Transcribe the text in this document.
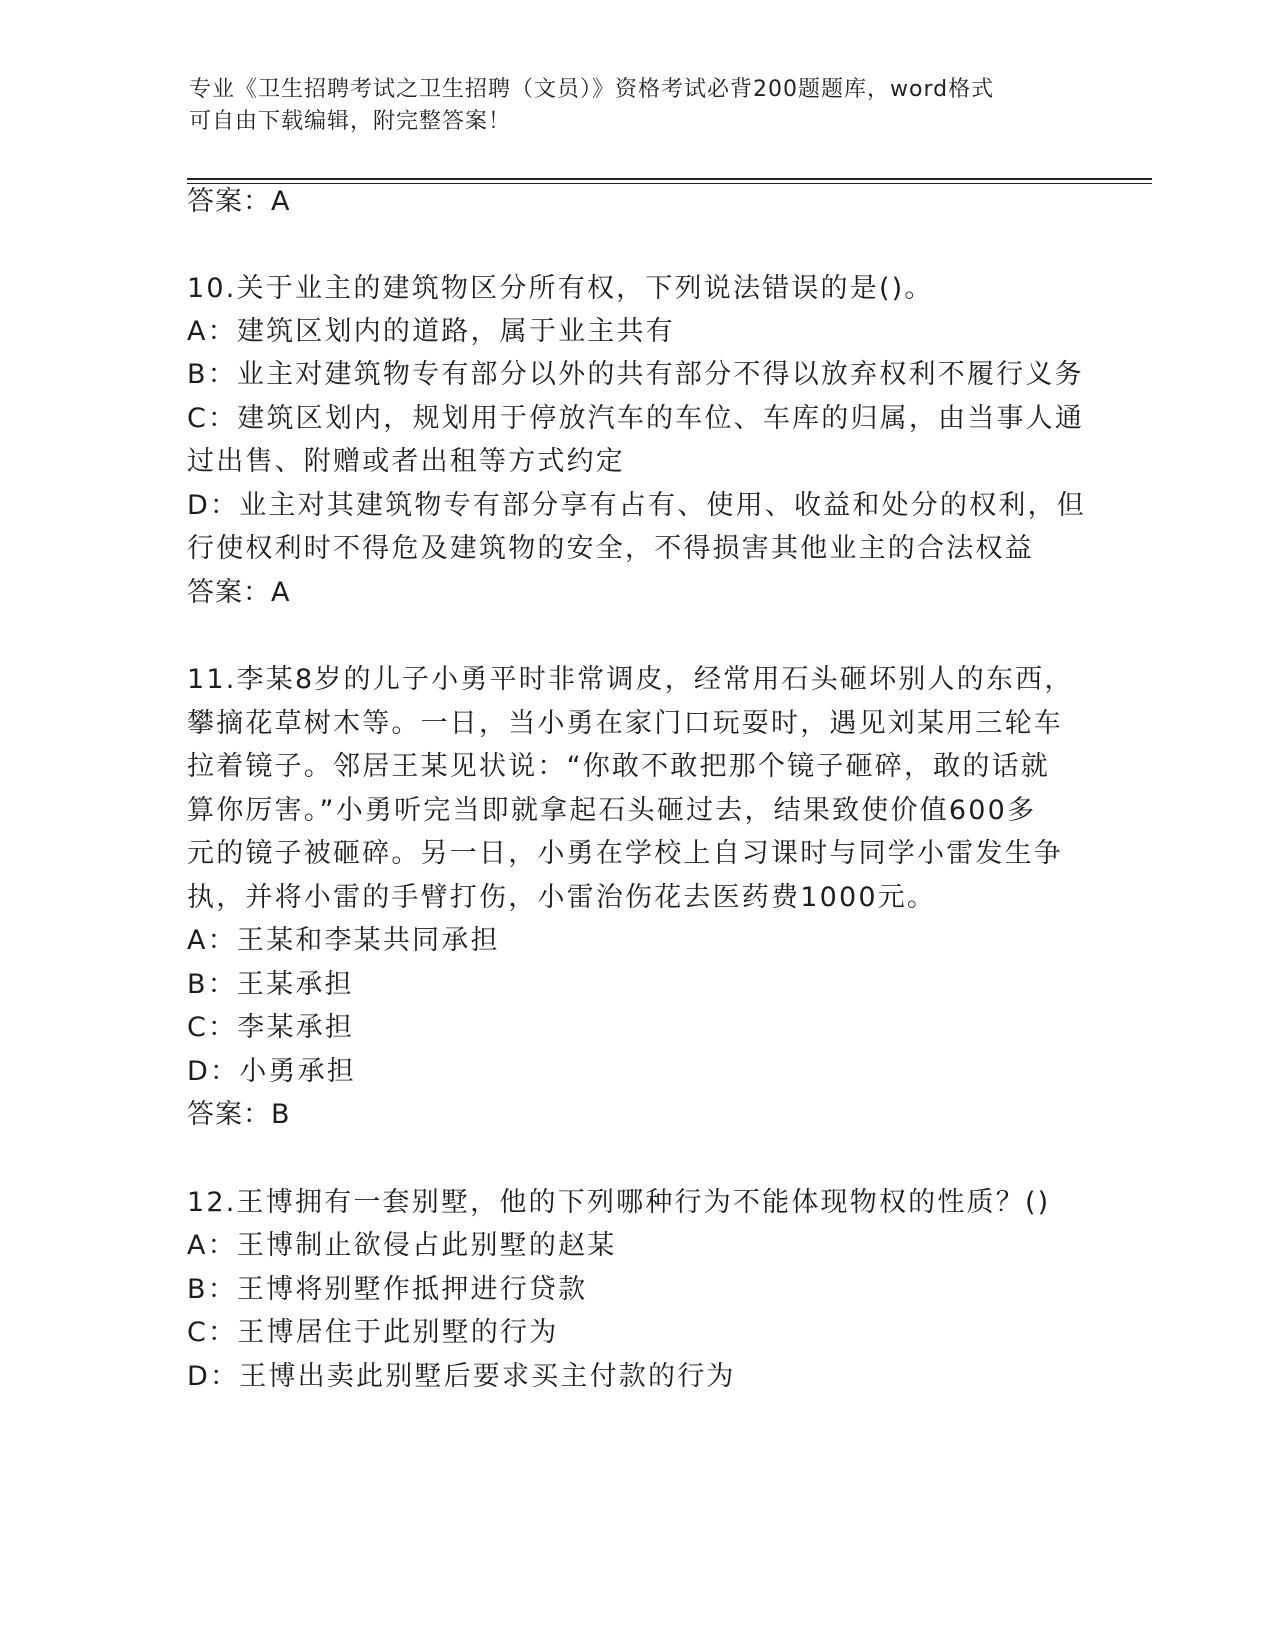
专业《卫生招聘考试之卫生招聘（文员）》资格考试必背200题题库，word格式
可自由下载编辑，附完整答案！
答案：A
10.关于业主的建筑物区分所有权，下列说法错误的是()。
A：建筑区划内的道路，属于业主共有
B：业主对建筑物专有部分以外的共有部分不得以放弃权利不履行义务
C：建筑区划内，规划用于停放汽车的车位、车库的归属，由当事人通
过出售、附赠或者出租等方式约定
D：业主对其建筑物专有部分享有占有、使用、收益和处分的权利，但
行使权利时不得危及建筑物的安全，不得损害其他业主的合法权益
答案：A
11.李某8岁的儿子小勇平时非常调皮，经常用石头砸坏别人的东西，
攀摘花草树木等。一日，当小勇在家门口玩耍时，遇见刘某用三轮车
拉着镜子。邻居王某见状说：“你敢不敢把那个镜子砸碎，敢的话就
算你厉害。”小勇听完当即就拿起石头砸过去，结果致使价值600多
元的镜子被砸碎。另一日，小勇在学校上自习课时与同学小雷发生争
执，并将小雷的手臂打伤，小雷治伤花去医药费1000元。
A：王某和李某共同承担
B：王某承担
C：李某承担
D：小勇承担
答案：B
12.王博拥有一套别墅，他的下列哪种行为不能体现物权的性质？()
A：王博制止欲侵占此别墅的赵某
B：王博将别墅作抵押进行贷款
C：王博居住于此别墅的行为
D：王博出卖此别墅后要求买主付款的行为
